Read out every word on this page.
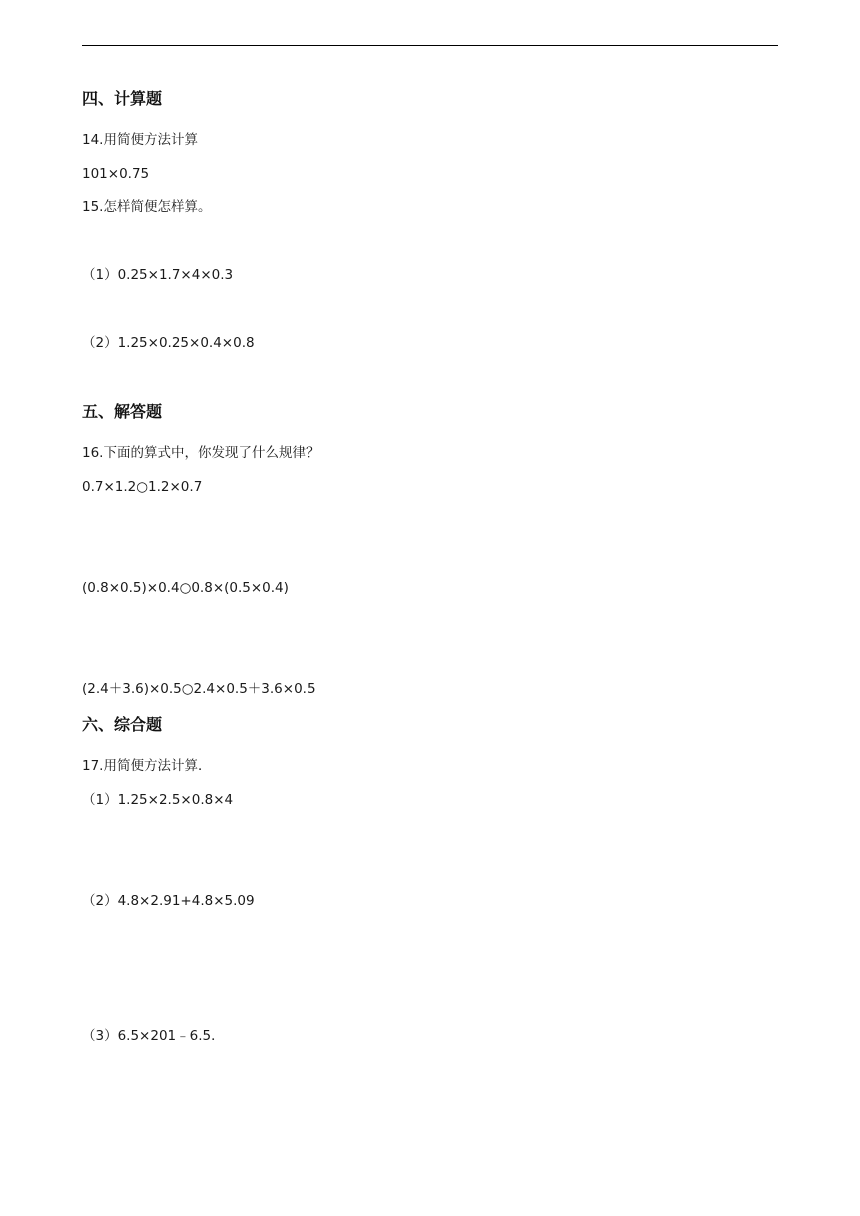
四、计算题
14.用简便方法计算
101×0.75
15.怎样简便怎样算。
（1）0.25×1.7×4×0.3
（2）1.25×0.25×0.4×0.8
五、解答题
16.下面的算式中，你发现了什么规律？
0.7×1.2○1.2×0.7
(0.8×0.5)×0.4○0.8×(0.5×0.4)
(2.4＋3.6)×0.5○2.4×0.5＋3.6×0.5
六、综合题
17.用简便方法计算．
（1）1.25×2.5×0.8×4
（2）4.8×2.91+4.8×5.09
（3）6.5×201﹣6.5．
